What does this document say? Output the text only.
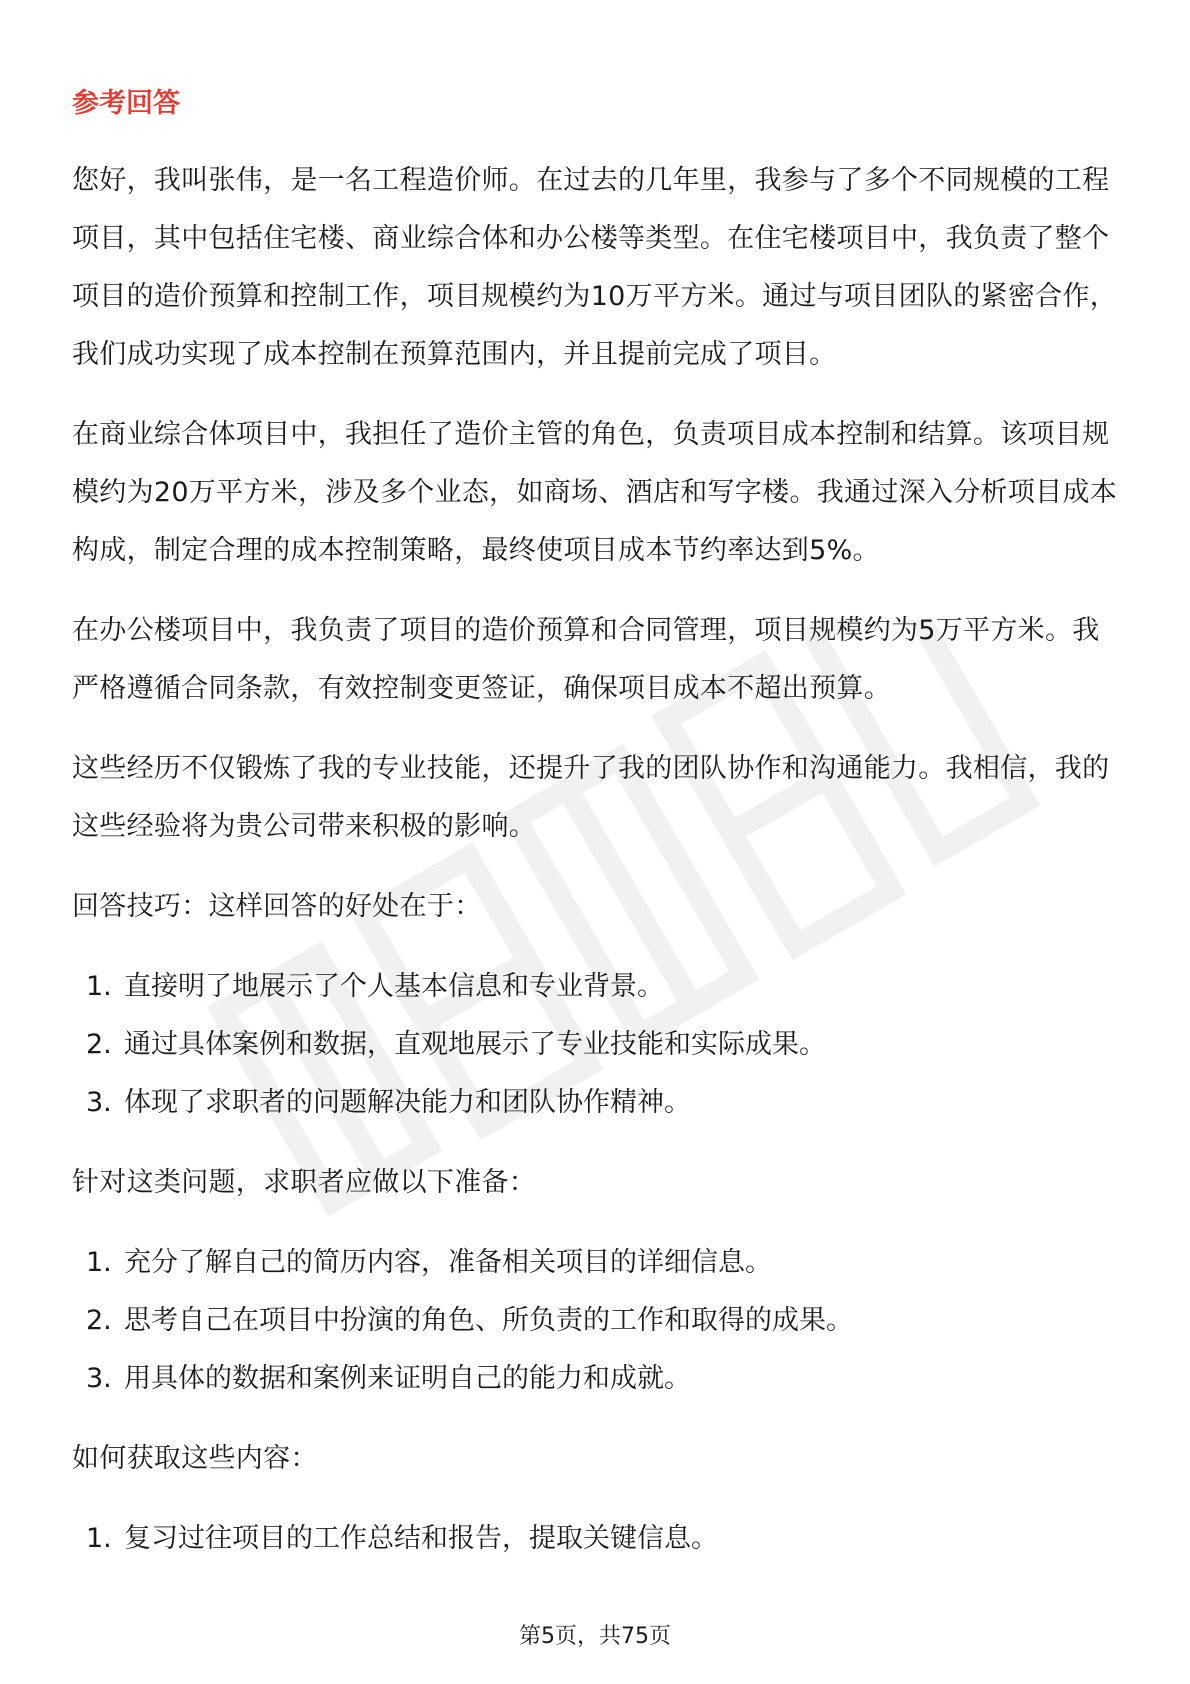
参考回答

您好，我叫张伟，是一名工程造价师。在过去的几年里，我参与了多个不同规模的工程项目，其中包括住宅楼、商业综合体和办公楼等类型。在住宅楼项目中，我负责了整个项目的造价预算和控制工作，项目规模约为10万平方米。通过与项目团队的紧密合作，我们成功实现了成本控制在预算范围内，并且提前完成了项目。

在商业综合体项目中，我担任了造价主管的角色，负责项目成本控制和结算。该项目规模约为20万平方米，涉及多个业态，如商场、酒店和写字楼。我通过深入分析项目成本构成，制定合理的成本控制策略，最终使项目成本节约率达到5%。

在办公楼项目中，我负责了项目的造价预算和合同管理，项目规模约为5万平方米。我严格遵循合同条款，有效控制变更签证，确保项目成本不超出预算。

这些经历不仅锻炼了我的专业技能，还提升了我的团队协作和沟通能力。我相信，我的这些经验将为贵公司带来积极的影响。

回答技巧：这样回答的好处在于：

1. 直接明了地展示了个人基本信息和专业背景。
2. 通过具体案例和数据，直观地展示了专业技能和实际成果。
3. 体现了求职者的问题解决能力和团队协作精神。

针对这类问题，求职者应做以下准备：

1. 充分了解自己的简历内容，准备相关项目的详细信息。
2. 思考自己在项目中扮演的角色、所负责的工作和取得的成果。
3. 用具体的数据和案例来证明自己的能力和成就。

如何获取这些内容：

1. 复习过往项目的工作总结和报告，提取关键信息。
第5页，共75页
